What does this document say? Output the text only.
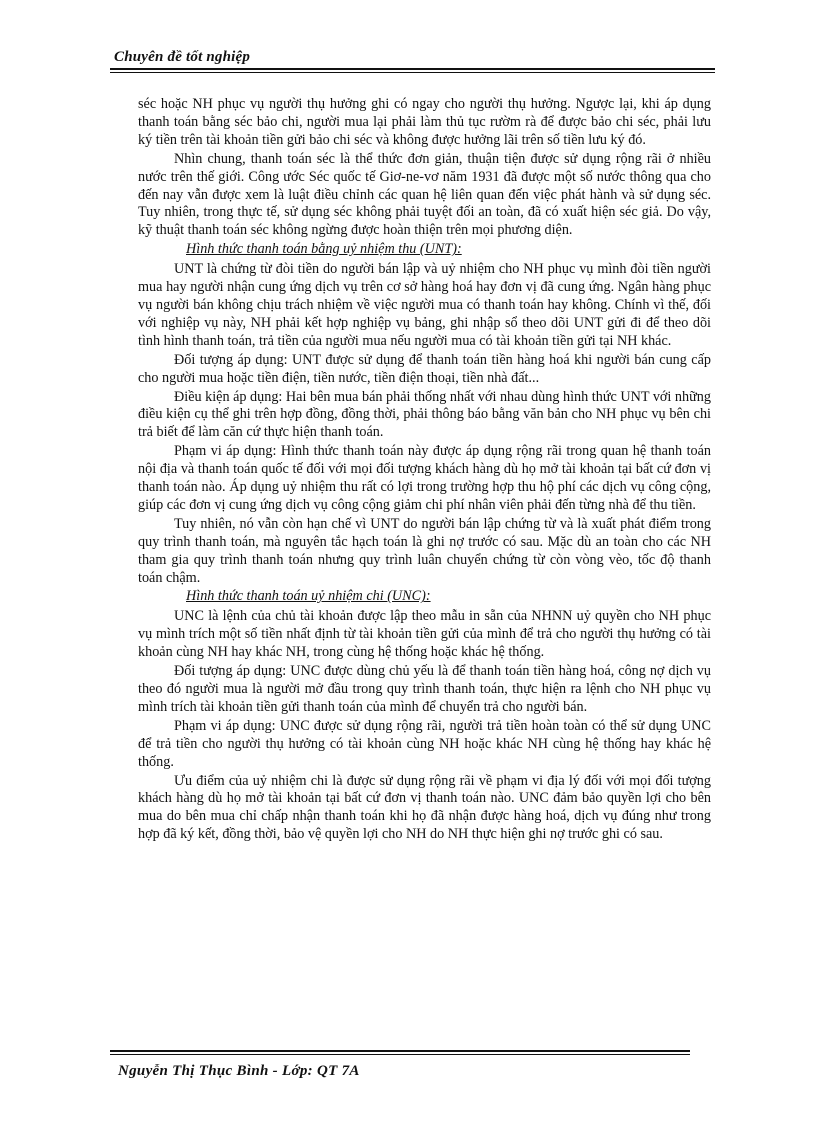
Chuyên đề tốt nghiệp

séc hoặc NH phục vụ người thụ hưởng ghi có ngay cho người thụ hưởng. Ngược lại, khi áp dụng thanh toán bằng séc bảo chi, người mua lại phải làm thủ tục rườm rà để được bảo chi séc, phải lưu ký tiền trên tài khoản tiền gửi bảo chi séc và không được hưởng lãi trên số tiền lưu ký đó.

Nhìn chung, thanh toán séc là thể thức đơn giản, thuận tiện được sử dụng rộng rãi ở nhiều nước trên thế giới. Công ước Séc quốc tế Giơ-ne-vơ năm 1931 đã được một số nước thông qua cho đến nay vẫn được xem là luật điều chỉnh các quan hệ liên quan đến việc phát hành và sử dụng séc. Tuy nhiên, trong thực tế, sử dụng séc không phải tuyệt đối an toàn, đã có xuất hiện séc giả. Do vậy, kỹ thuật thanh toán séc không ngừng được hoàn thiện trên mọi phương diện.

Hình thức thanh toán bằng uỷ nhiệm thu (UNT):

UNT là chứng từ đòi tiền do người bán lập và uỷ nhiệm cho NH phục vụ mình đòi tiền người mua hay người nhận cung ứng dịch vụ trên cơ sở hàng hoá hay đơn vị đã cung ứng. Ngân hàng phục vụ người bán không chịu trách nhiệm về việc người mua có thanh toán hay không. Chính vì thế, đối với nghiệp vụ này, NH phải kết hợp nghiệp vụ bảng, ghi nhập sổ theo dõi UNT gửi đi để theo dõi tình hình thanh toán, trả tiền của người mua nếu người mua có tài khoản tiền gửi tại NH khác.

Đối tượng áp dụng: UNT được sử dụng để thanh toán tiền hàng hoá khi người bán cung cấp cho người mua hoặc tiền điện, tiền nước, tiền điện thoại, tiền nhà đất...

Điều kiện áp dụng: Hai bên mua bán phải thống nhất với nhau dùng hình thức UNT với những điều kiện cụ thể ghi trên hợp đồng, đồng thời, phải thông báo bằng văn bản cho NH phục vụ bên chi trả biết để làm căn cứ thực hiện thanh toán.

Phạm vi áp dụng: Hình thức thanh toán này được áp dụng rộng rãi trong quan hệ thanh toán nội địa và thanh toán quốc tế đối với mọi đối tượng khách hàng dù họ mở tài khoản tại bất cứ đơn vị thanh toán nào. Áp dụng uỷ nhiệm thu rất có lợi trong trường hợp thu hộ phí các dịch vụ công cộng, giúp các đơn vị cung ứng dịch vụ công cộng giảm chi phí nhân viên phải đến từng nhà để thu tiền.

Tuy nhiên, nó vẫn còn hạn chế vì UNT do người bán lập chứng từ và là xuất phát điểm trong quy trình thanh toán, mà nguyên tắc hạch toán là ghi nợ trước có sau. Mặc dù an toàn cho các NH tham gia quy trình thanh toán nhưng quy trình luân chuyển chứng từ còn vòng vèo, tốc độ thanh toán chậm.

Hình thức thanh toán uỷ nhiệm chi (UNC):

UNC là lệnh của chủ tài khoản được lập theo mẫu in sẵn của NHNN uỷ quyền cho NH phục vụ mình trích một số tiền nhất định từ tài khoản tiền gửi của mình để trả cho người thụ hưởng có tài khoản cùng NH hay khác NH, trong cùng hệ thống hoặc khác hệ thống.

Đối tượng áp dụng: UNC được dùng chủ yếu là để thanh toán tiền hàng hoá, công nợ dịch vụ theo đó người mua là người mở đầu trong quy trình thanh toán, thực hiện ra lệnh cho NH phục vụ mình trích tài khoản tiền gửi thanh toán của mình để chuyển trả cho người bán.

Phạm vi áp dụng: UNC được sử dụng rộng rãi, người trả tiền hoàn toàn có thể sử dụng UNC để trả tiền cho người thụ hưởng có tài khoản cùng NH hoặc khác NH cùng hệ thống hay khác hệ thống.

Ưu điểm của uỷ nhiệm chi là được sử dụng rộng rãi về phạm vi địa lý đối với mọi đối tượng khách hàng dù họ mở tài khoản tại bất cứ đơn vị thanh toán nào. UNC đảm bảo quyền lợi cho bên mua do bên mua chỉ chấp nhận thanh toán khi họ đã nhận được hàng hoá, dịch vụ đúng như trong hợp đã ký kết, đồng thời, bảo vệ quyền lợi cho NH do NH thực hiện ghi nợ trước ghi có sau.

Nguyễn Thị Thục Bình - Lớp: QT 7A
